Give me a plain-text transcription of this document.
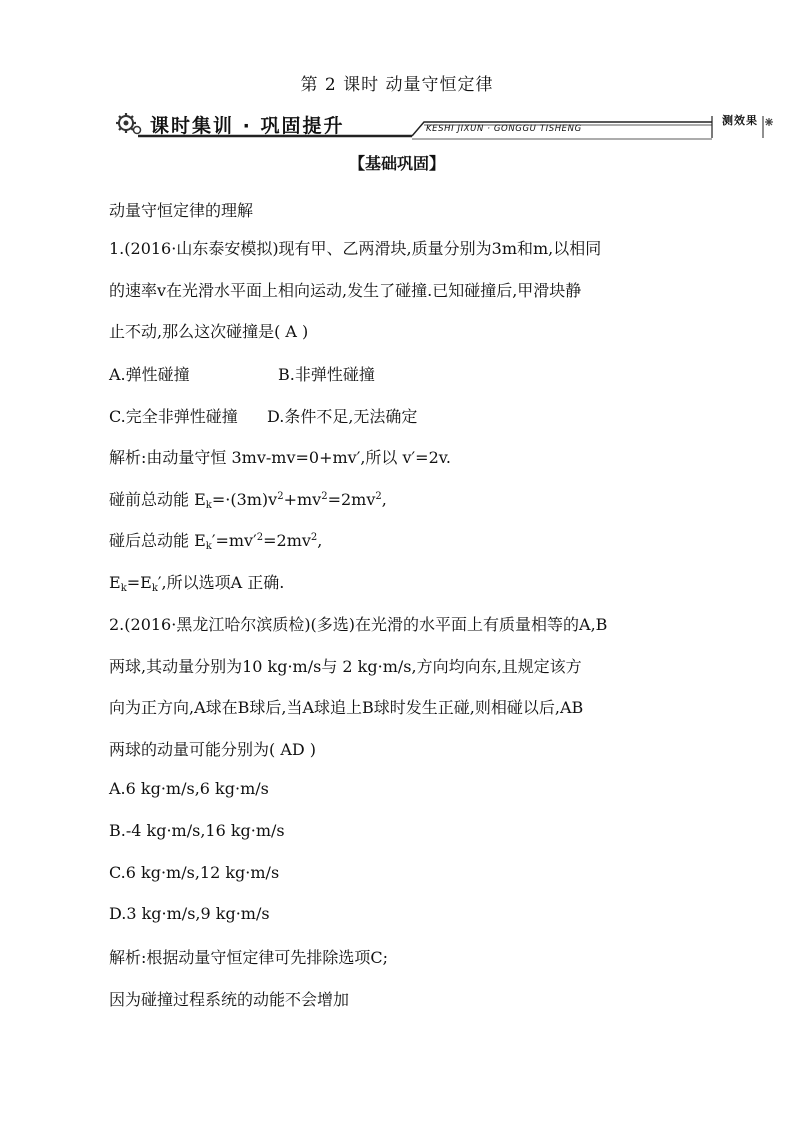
第 2 课时 动量守恒定律
课时集训 · 巩固提升	KESHI JIXUN · GONGGU TISHENG
测效果
【基础巩固】
动量守恒定律的理解
1.(2016·山东泰安模拟)现有甲、乙两滑块,质量分别为3m和m,以相同
的速率v在光滑水平面上相向运动,发生了碰撞.已知碰撞后,甲滑块静
止不动,那么这次碰撞是( A )
A.弹性碰撞	B.非弹性碰撞
C.完全非弹性碰撞 D.条件不足,无法确定
解析:由动量守恒 3mv-mv=0+mv′,所以 v′=2v.
碰前总动能 $E_k=\cdot(3m)v^2+mv^2=2mv^2$,
碰后总动能 $E_k'=mv'^2=2mv^2$,
$E_k=E_k'$,所以选项A 正确.
2.(2016·黑龙江哈尔滨质检)(多选)在光滑的水平面上有质量相等的A,B
两球,其动量分别为10 kg·m/s与 2 kg·m/s,方向均向东,且规定该方
向为正方向,A球在B球后,当A球追上B球时发生正碰,则相碰以后,AB
两球的动量可能分别为( AD )
A.6 kg·m/s,6 kg·m/s
B.-4 kg·m/s,16 kg·m/s
C.6 kg·m/s,12 kg·m/s
D.3 kg·m/s,9 kg·m/s
解析:根据动量守恒定律可先排除选项C;
因为碰撞过程系统的动能不会增加
